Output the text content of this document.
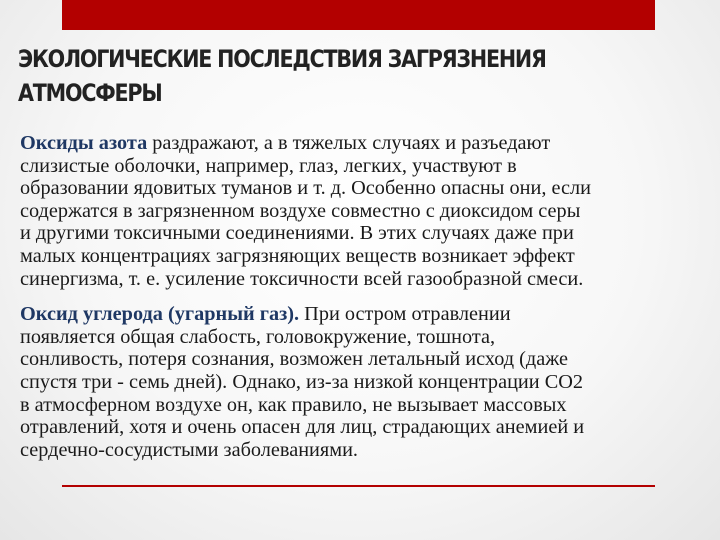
ЭКОЛОГИЧЕСКИЕ ПОСЛЕДСТВИЯ ЗАГРЯЗНЕНИЯ
АТМОСФЕРЫ

Оксиды азота раздражают, а в тяжелых случаях и разъедают
слизистые оболочки, например, глаз, легких, участвуют в
образовании ядовитых туманов и т. д. Особенно опасны они, если
содержатся в загрязненном воздухе совместно с диоксидом серы
и другими токсичными соединениями. В этих случаях даже при
малых концентрациях загрязняющих веществ возникает эффект
синергизма, т. е. усиление токсичности всей газообразной смеси.

Оксид углерода (угарный газ). При остром отравлении
появляется общая слабость, головокружение, тошнота,
сонливость, потеря сознания, возможен летальный исход (даже
спустя три - семь дней). Однако, из-за низкой концентрации СО2
в атмосферном воздухе он, как правило, не вызывает массовых
отравлений, хотя и очень опасен для лиц, страдающих анемией и
сердечно-сосудистыми заболеваниями.
